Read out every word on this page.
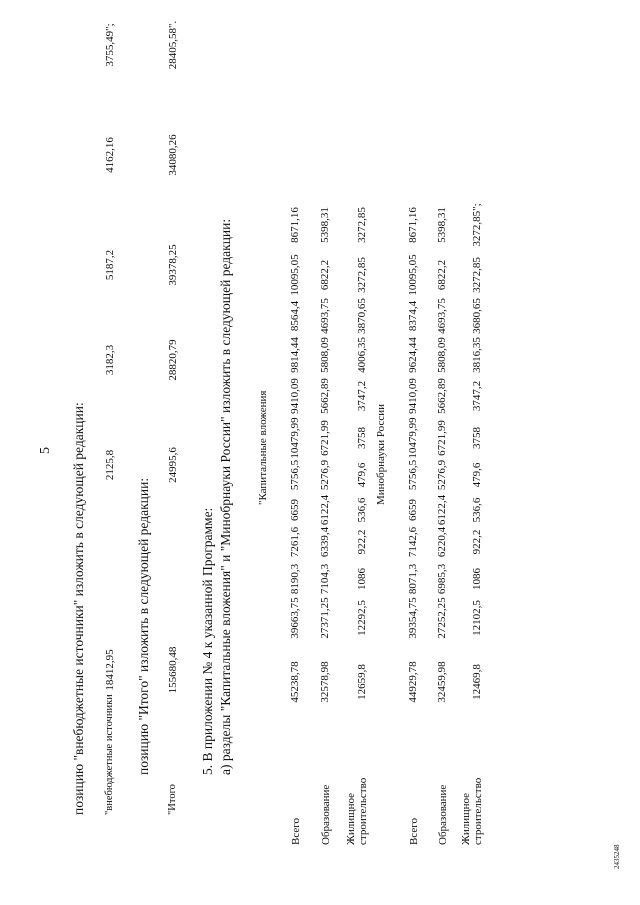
5 позицию "внебюджетные источники" изложить в следующей редакции: "внебюджетные источники
18412,95
2125,8
3182,3
5187,2
4162,16
3755,49";
позицию "Итого" изложить в следующей редакции:
"Итого
155680,48
24995,6
28820,79
39378,25
34080,26
28405,58".
5. В приложении № 4 к указанной Программе: а) разделы "Капитальные вложения" и "Минобрнауки России" изложить в следующей редакции: "Капитальные вложения
Всего
45238,78
39663,75
8190,3
7261,6
6659
5756,5
10479,99
9410,09
9814,44
8564,4
10095,05
8671,16
Образование
32578,98
27371,25
7104,3
6339,4
6122,4
5276,9
6721,99
5662,89
5808,09
4693,75
6822,2
5398,31
Жилищное строительство
12659,8
12292,5
1086
922,2
536,6
479,6
3758
3747,2
4006,35
3870,65
3272,85
3272,85
Минобрнауки России
Всего
44929,78
39354,75
8071,3
7142,6
6659
5756,5
10479,99
9410,09
9624,44
8374,4
10095,05
8671,16
Образование
32459,98
27252,25
6985,3
6220,4
6122,4
5276,9
6721,99
5662,89
5808,09
4693,75
6822,2
5398,31
Жилищное строительство
12469,8
12102,5
1086
922,2
536,6
479,6
3758
3747,2
3816,35
3680,65
3272,85
3272,85";
2435248
